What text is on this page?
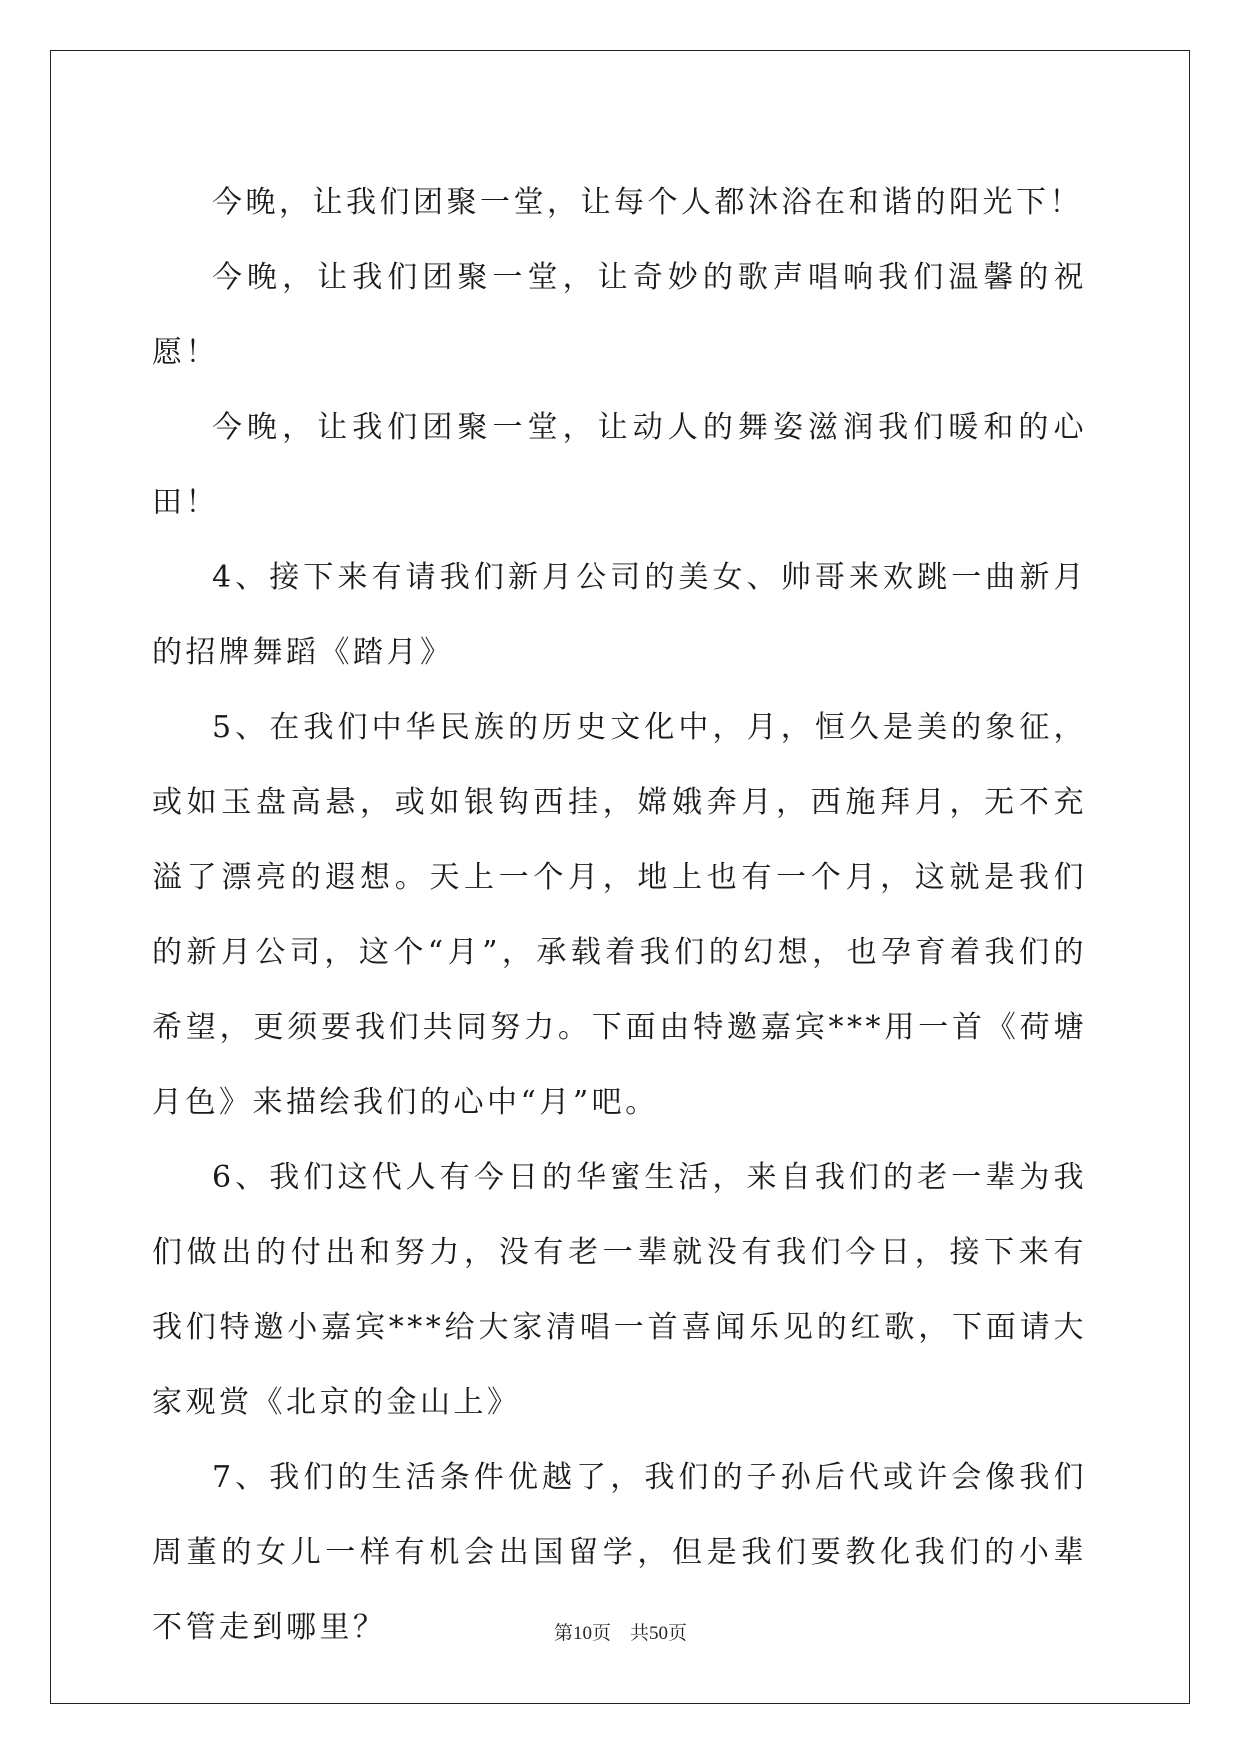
今晚，让我们团聚一堂，让每个人都沐浴在和谐的阳光下！

今晚，让我们团聚一堂，让奇妙的歌声唱响我们温馨的祝愿！

今晚，让我们团聚一堂，让动人的舞姿滋润我们暖和的心田！

4、接下来有请我们新月公司的美女、帅哥来欢跳一曲新月的招牌舞蹈《踏月》

5、在我们中华民族的历史文化中，月，恒久是美的象征，或如玉盘高悬，或如银钩西挂，嫦娥奔月，西施拜月，无不充溢了漂亮的遐想。天上一个月，地上也有一个月，这就是我们的新月公司，这个“月”，承载着我们的幻想，也孕育着我们的希望，更须要我们共同努力。下面由特邀嘉宾***用一首《荷塘月色》来描绘我们的心中“月”吧。

6、我们这代人有今日的华蜜生活，来自我们的老一辈为我们做出的付出和努力，没有老一辈就没有我们今日，接下来有我们特邀小嘉宾***给大家清唱一首喜闻乐见的红歌，下面请大家观赏《北京的金山上》

7、我们的生活条件优越了，我们的子孙后代或许会像我们周董的女儿一样有机会出国留学，但是我们要教化我们的小辈不管走到哪里？	第10页　共50页
